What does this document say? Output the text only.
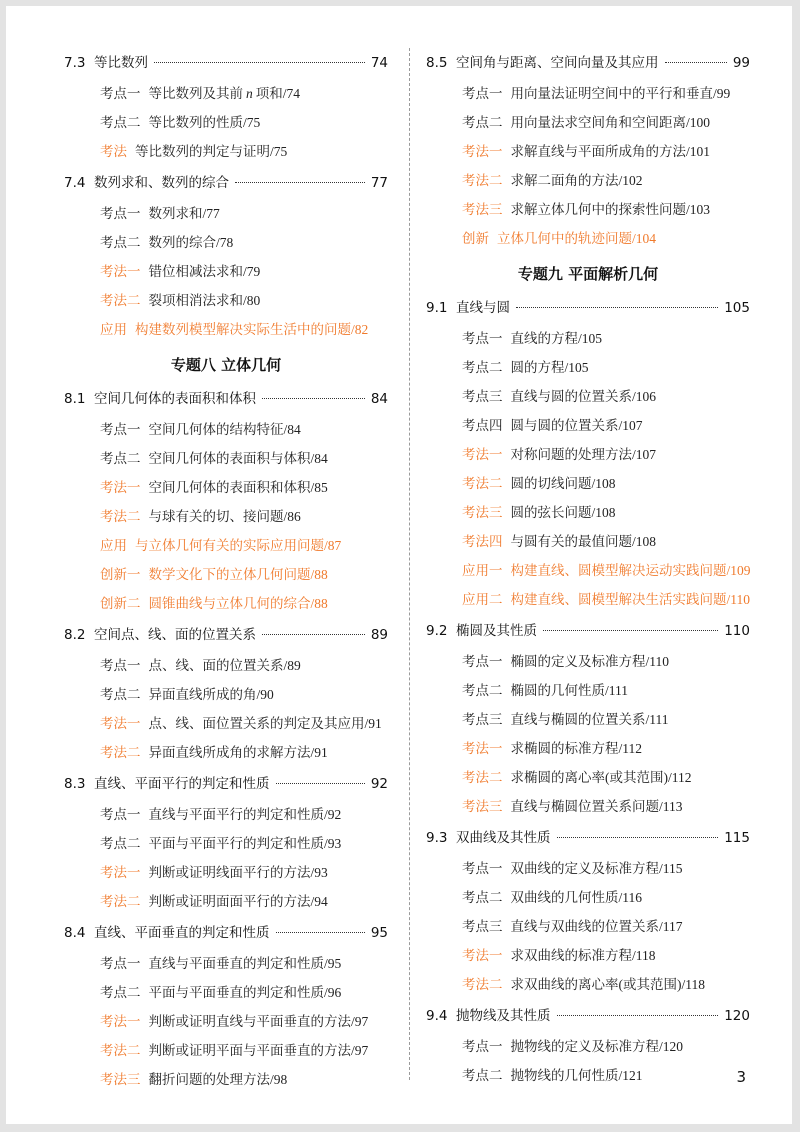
7.3 等比数列	74
考点一 等比数列及其前 n 项和/74
考点二 等比数列的性质/75
考法 等比数列的判定与证明/75
7.4 数列求和、数列的综合	77
考点一 数列求和/77
考点二 数列的综合/78
考法一 错位相减法求和/79
考法二 裂项相消法求和/80
应用 构建数列模型解决实际生活中的问题/82
专题八 立体几何
8.1 空间几何体的表面积和体积	84
考点一 空间几何体的结构特征/84
考点二 空间几何体的表面积与体积/84
考法一 空间几何体的表面积和体积/85
考法二 与球有关的切、接问题/86
应用 与立体几何有关的实际应用问题/87
创新一 数学文化下的立体几何问题/88
创新二 圆锥曲线与立体几何的综合/88
8.2 空间点、线、面的位置关系	89
考点一 点、线、面的位置关系/89
考点二 异面直线所成的角/90
考法一 点、线、面位置关系的判定及其应用/91
考法二 异面直线所成角的求解方法/91
8.3 直线、平面平行的判定和性质	92
考点一 直线与平面平行的判定和性质/92
考点二 平面与平面平行的判定和性质/93
考法一 判断或证明线面平行的方法/93
考法二 判断或证明面面平行的方法/94
8.4 直线、平面垂直的判定和性质	95
考点一 直线与平面垂直的判定和性质/95
考点二 平面与平面垂直的判定和性质/96
考法一 判断或证明直线与平面垂直的方法/97
考法二 判断或证明平面与平面垂直的方法/97
考法三 翻折问题的处理方法/98
8.5 空间角与距离、空间向量及其应用	99
考点一 用向量法证明空间中的平行和垂直/99
考点二 用向量法求空间角和空间距离/100
考法一 求解直线与平面所成角的方法/101
考法二 求解二面角的方法/102
考法三 求解立体几何中的探索性问题/103
创新 立体几何中的轨迹问题/104
专题九 平面解析几何
9.1 直线与圆	105
考点一 直线的方程/105
考点二 圆的方程/105
考点三 直线与圆的位置关系/106
考点四 圆与圆的位置关系/107
考法一 对称问题的处理方法/107
考法二 圆的切线问题/108
考法三 圆的弦长问题/108
考法四 与圆有关的最值问题/108
应用一 构建直线、圆模型解决运动实践问题/109
应用二 构建直线、圆模型解决生活实践问题/110
9.2 椭圆及其性质	110
考点一 椭圆的定义及标准方程/110
考点二 椭圆的几何性质/111
考点三 直线与椭圆的位置关系/111
考法一 求椭圆的标准方程/112
考法二 求椭圆的离心率(或其范围)/112
考法三 直线与椭圆位置关系问题/113
9.3 双曲线及其性质	115
考点一 双曲线的定义及标准方程/115
考点二 双曲线的几何性质/116
考点三 直线与双曲线的位置关系/117
考法一 求双曲线的标准方程/118
考法二 求双曲线的离心率(或其范围)/118
9.4 抛物线及其性质	120
考点一 抛物线的定义及标准方程/120
考点二 抛物线的几何性质/121	3
